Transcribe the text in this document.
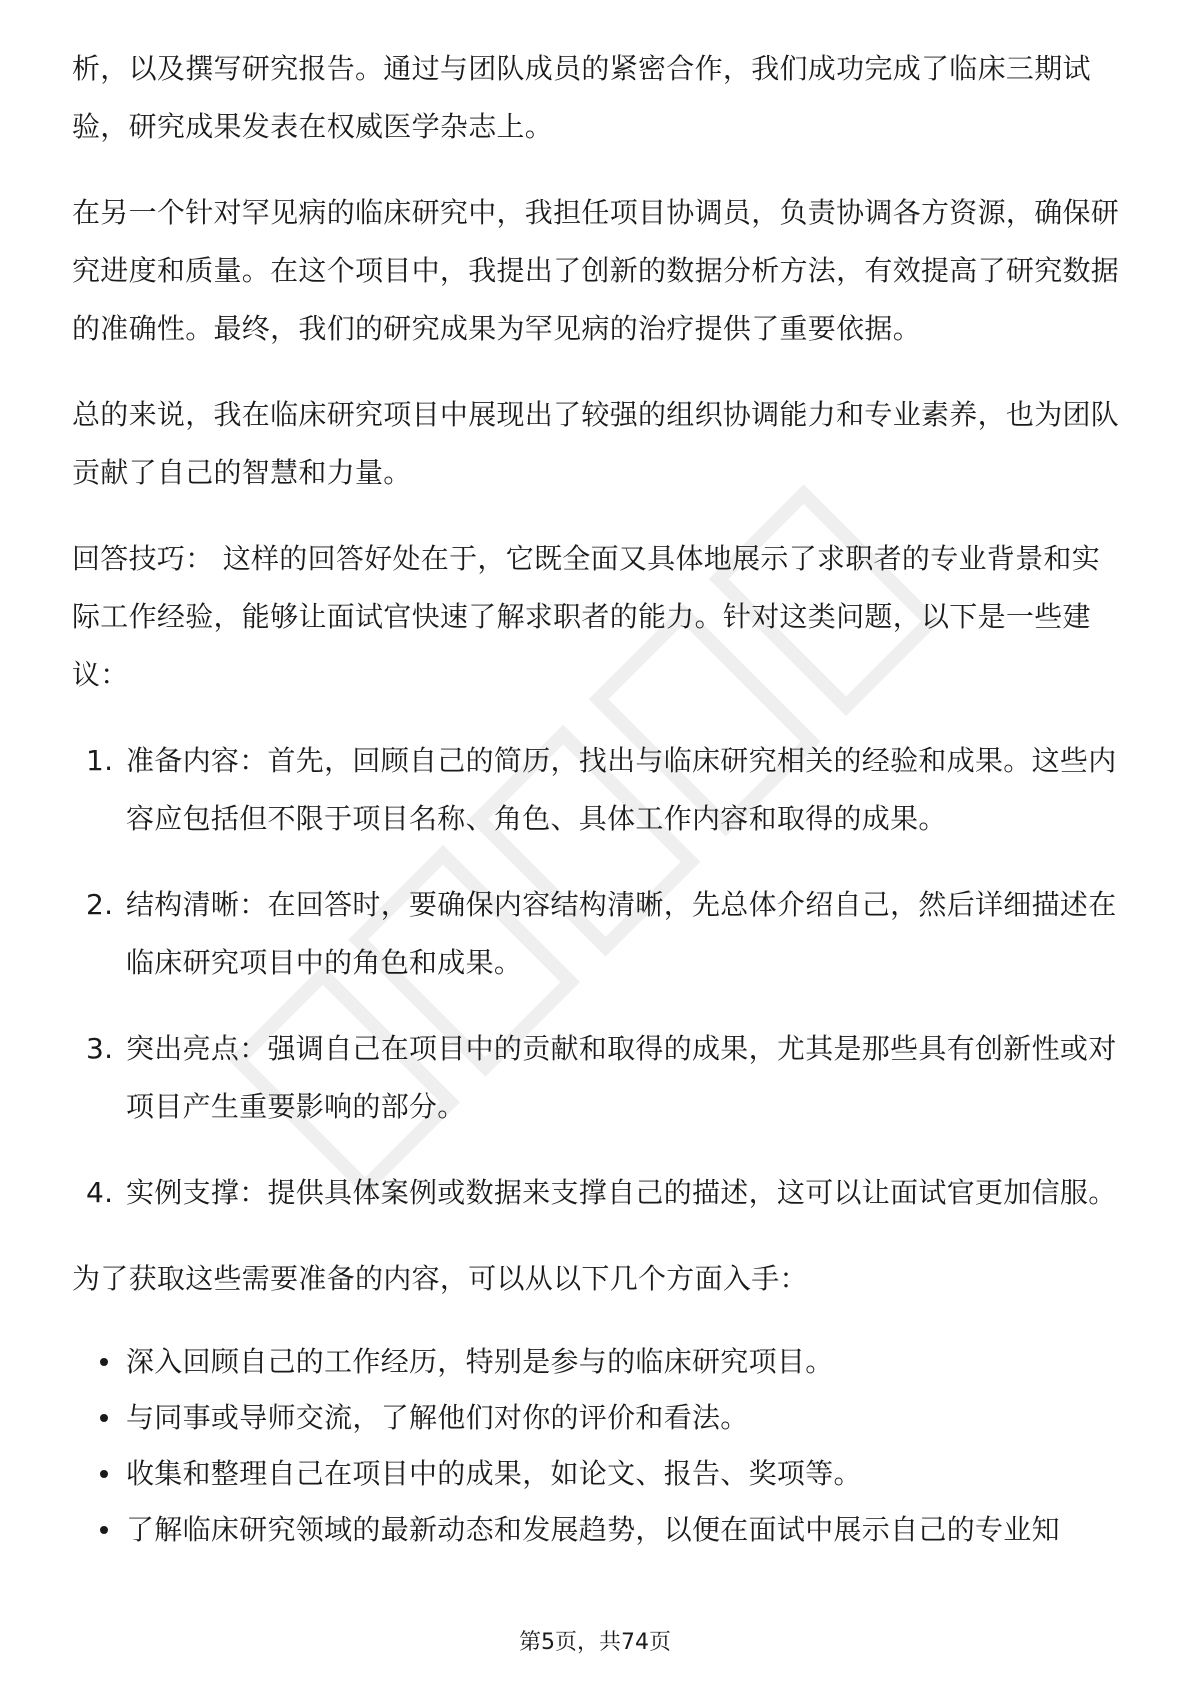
析，以及撰写研究报告。通过与团队成员的紧密合作，我们成功完成了临床三期试验，研究成果发表在权威医学杂志上。

在另一个针对罕见病的临床研究中，我担任项目协调员，负责协调各方资源，确保研究进度和质量。在这个项目中，我提出了创新的数据分析方法，有效提高了研究数据的准确性。最终，我们的研究成果为罕见病的治疗提供了重要依据。

总的来说，我在临床研究项目中展现出了较强的组织协调能力和专业素养，也为团队贡献了自己的智慧和力量。

回答技巧： 这样的回答好处在于，它既全面又具体地展示了求职者的专业背景和实际工作经验，能够让面试官快速了解求职者的能力。针对这类问题，以下是一些建议：

1. 准备内容：首先，回顾自己的简历，找出与临床研究相关的经验和成果。这些内容应包括但不限于项目名称、角色、具体工作内容和取得的成果。
2. 结构清晰：在回答时，要确保内容结构清晰，先总体介绍自己，然后详细描述在临床研究项目中的角色和成果。
3. 突出亮点：强调自己在项目中的贡献和取得的成果，尤其是那些具有创新性或对项目产生重要影响的部分。
4. 实例支撑：提供具体案例或数据来支撑自己的描述，这可以让面试官更加信服。

为了获取这些需要准备的内容，可以从以下几个方面入手：

深入回顾自己的工作经历，特别是参与的临床研究项目。
与同事或导师交流，了解他们对你的评价和看法。
收集和整理自己在项目中的成果，如论文、报告、奖项等。
了解临床研究领域的最新动态和发展趋势，以便在面试中展示自己的专业知
第5页，共74页
